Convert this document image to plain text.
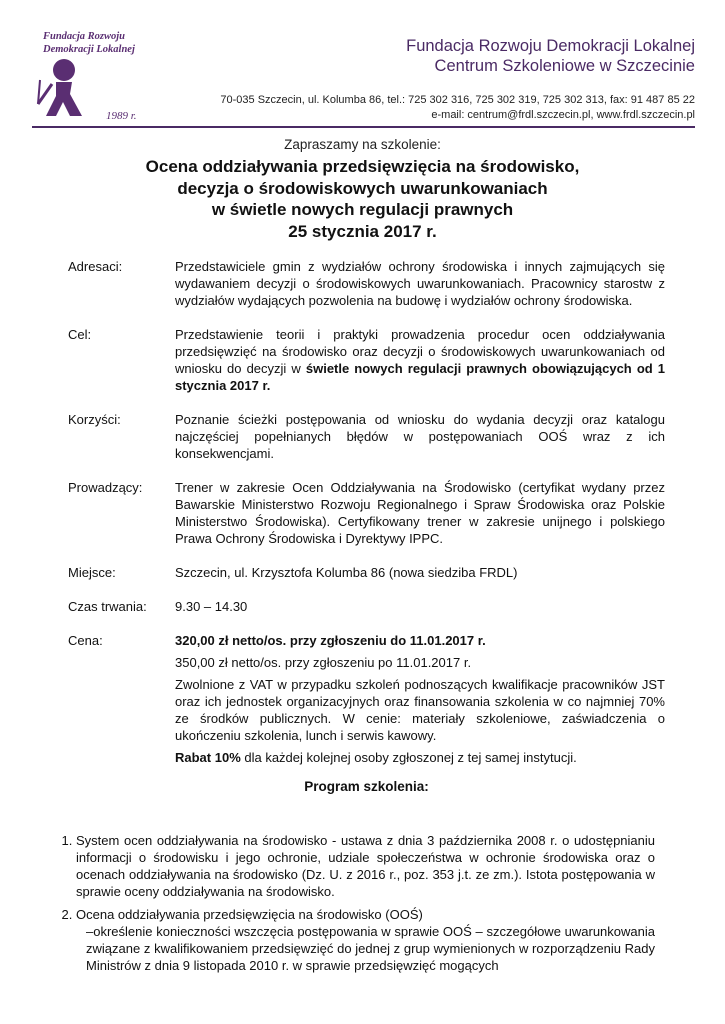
Fundacja Rozwoju
Demokracji Lokalnej
1989 r.
Fundacja Rozwoju Demokracji Lokalnej
Centrum Szkoleniowe w Szczecinie
70-035 Szczecin, ul. Kolumba 86, tel.: 725 302 316, 725 302 319, 725 302 313, fax: 91 487 85 22
e-mail: centrum@frdl.szczecin.pl, www.frdl.szczecin.pl
Zapraszamy na szkolenie:
Ocena oddziaływania przedsięwzięcia na środowisko,
decyzja o środowiskowych uwarunkowaniach
w świetle nowych regulacji prawnych
25 stycznia 2017 r.
Adresaci:	Przedstawiciele gmin z wydziałów ochrony środowiska i innych zajmujących się wydawaniem decyzji o środowiskowych uwarunkowaniach. Pracownicy starostw z wydziałów wydających pozwolenia na budowę i wydziałów ochrony środowiska.
Cel:	Przedstawienie teorii i praktyki prowadzenia procedur ocen oddziaływania przedsięwzięć na środowisko oraz decyzji o środowiskowych uwarunkowaniach od wniosku do decyzji w świetle nowych regulacji prawnych obowiązujących od 1 stycznia 2017 r.
Korzyści:	Poznanie ścieżki postępowania od wniosku do wydania decyzji oraz katalogu najczęściej popełnianych błędów w postępowaniach OOŚ wraz z ich konsekwencjami.
Prowadzący:	Trener w zakresie Ocen Oddziaływania na Środowisko (certyfikat wydany przez Bawarskie Ministerstwo Rozwoju Regionalnego i Spraw Środowiska oraz Polskie Ministerstwo Środowiska). Certyfikowany trener w zakresie unijnego i polskiego Prawa Ochrony Środowiska i Dyrektywy IPPC.
Miejsce:	Szczecin, ul. Krzysztofa Kolumba 86 (nowa siedziba FRDL)
Czas trwania:	9.30 – 14.30
Cena:	320,00 zł netto/os. przy zgłoszeniu do 11.01.2017 r.
350,00 zł netto/os. przy zgłoszeniu po 11.01.2017 r.
Zwolnione z VAT w przypadku szkoleń podnoszących kwalifikacje pracowników JST oraz ich jednostek organizacyjnych oraz finansowania szkolenia w co najmniej 70% ze środków publicznych. W cenie: materiały szkoleniowe, zaświadczenia o ukończeniu szkolenia, lunch i serwis kawowy.
Rabat 10% dla każdej kolejnej osoby zgłoszonej z tej samej instytucji.
Program szkolenia:
1. System ocen oddziaływania na środowisko - ustawa z dnia 3 października 2008 r. o udostępnianiu informacji o środowisku i jego ochronie, udziale społeczeństwa w ochronie środowiska oraz o ocenach oddziaływania na środowisko (Dz. U. z 2016 r., poz. 353 j.t. ze zm.). Istota postępowania w sprawie oceny oddziaływania na środowisko.
2. Ocena oddziaływania przedsięwzięcia na środowisko (OOŚ)
–określenie konieczności wszczęcia postępowania w sprawie OOŚ – szczegółowe uwarunkowania związane z kwalifikowaniem przedsięwzięć do jednej z grup wymienionych w rozporządzeniu Rady Ministrów z dnia 9 listopada 2010 r. w sprawie przedsięwzięć mogących
